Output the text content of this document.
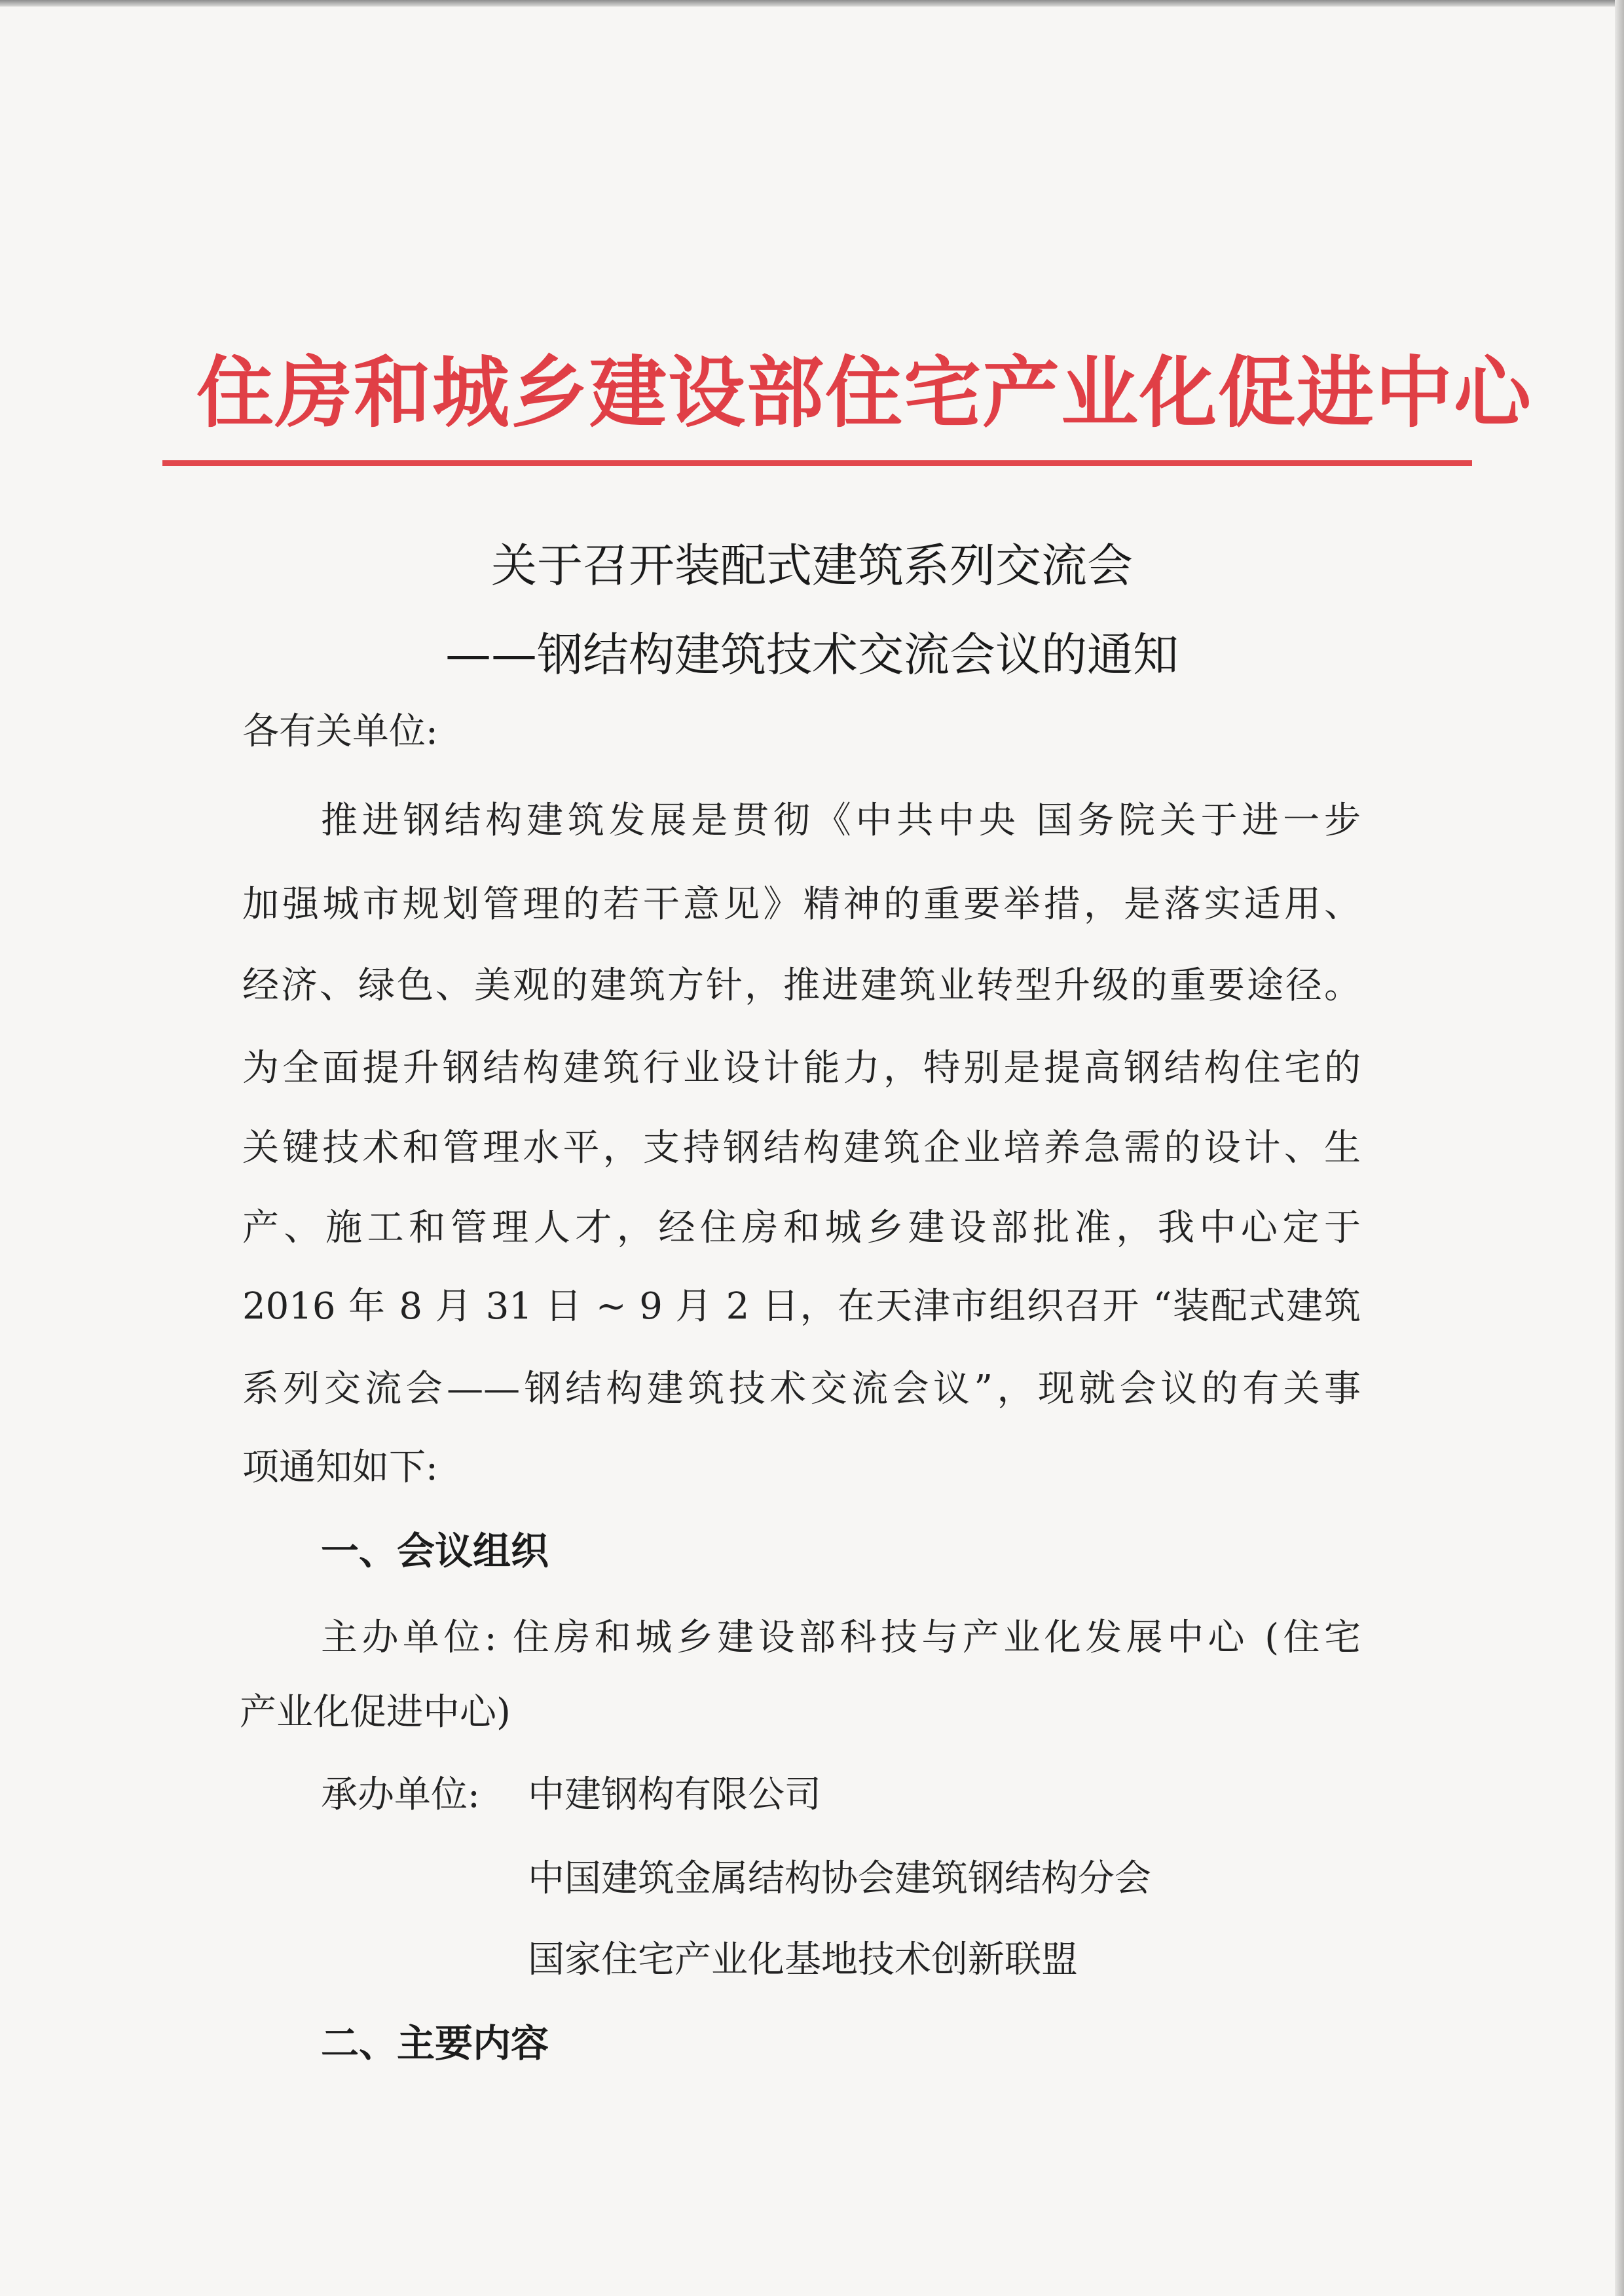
住房和城乡建设部住宅产业化促进中心
关于召开装配式建筑系列交流会
——钢结构建筑技术交流会议的通知
各有关单位:
推进钢结构建筑发展是贯彻《中共中央 国务院关于进一步
加强城市规划管理的若干意见》精神的重要举措，是落实适用、
经济、绿色、美观的建筑方针，推进建筑业转型升级的重要途径。
为全面提升钢结构建筑行业设计能力，特别是提高钢结构住宅的
关键技术和管理水平，支持钢结构建筑企业培养急需的设计、生
产、施工和管理人才，经住房和城乡建设部批准，我中心定于
2016 年 8 月 31 日 ~ 9 月 2 日，在天津市组织召开 “装配式建筑
系列交流会——钢结构建筑技术交流会议”，现就会议的有关事
项通知如下:
一、会议组织
主办单位: 住房和城乡建设部科技与产业化发展中心 (住宅
产业化促进中心)
承办单位: 中建钢构有限公司
中国建筑金属结构协会建筑钢结构分会
国家住宅产业化基地技术创新联盟
二、主要内容
